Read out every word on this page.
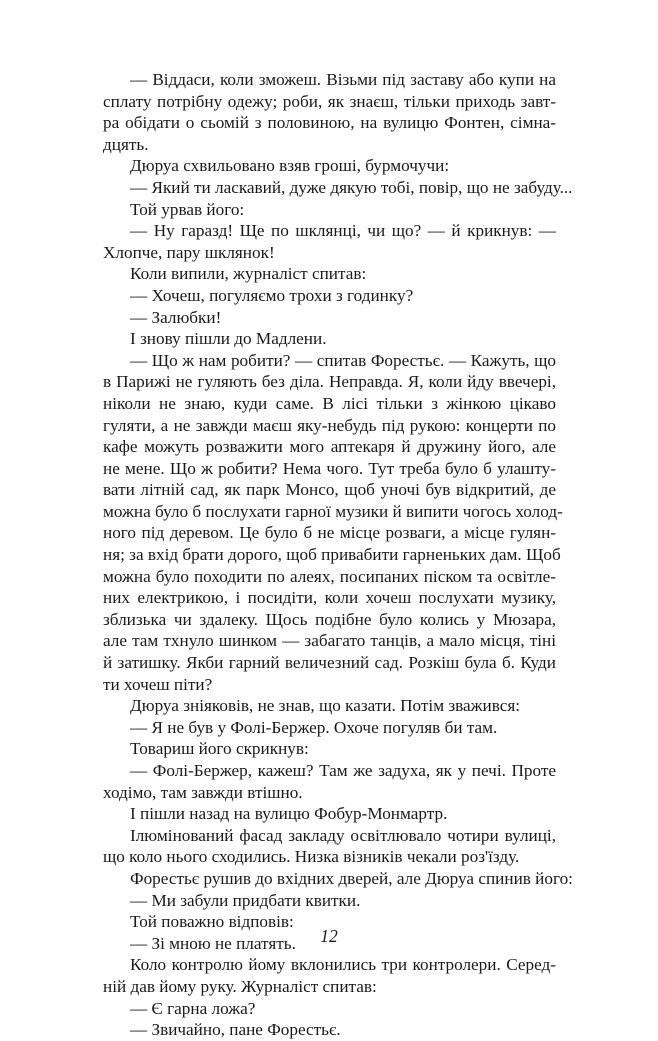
— Віддаси, коли зможеш. Візьми під заставу або купи на
сплату потрібну одежу; роби, як знаєш, тільки приходь завт-
ра обідати о сьомій з половиною, на вулицю Фонтен, сімна-
дцять.
Дюруа схвильовано взяв гроші, бурмочучи:
— Який ти ласкавий, дуже дякую тобі, повір, що не забуду...
Той урвав його:
— Ну гаразд! Ще по шклянці, чи що? — й крикнув: —
Хлопче, пару шклянок!
Коли випили, журналіст спитав:
— Хочеш, погуляємо трохи з годинку?
— Залюбки!
І знову пішли до Мадлени.
— Що ж нам робити? — спитав Форестьє. — Кажуть, що
в Парижі не гуляють без діла. Неправда. Я, коли йду ввечері,
ніколи не знаю, куди саме. В лісі тільки з жінкою цікаво
гуляти, а не завжди маєш яку-небудь під рукою: концерти по
кафе можуть розважити мого аптекаря й дружину його, але
не мене. Що ж робити? Нема чого. Тут треба було б улашту-
вати літній сад, як парк Монсо, щоб уночі був відкритий, де
можна було б послухати гарної музики й випити чогось холод-
ного під деревом. Це було б не місце розваги, а місце гулян-
ня; за вхід брати дорого, щоб привабити гарненьких дам. Щоб
можна було походити по алеях, посипаних піском та освітле-
них електрикою, і посидіти, коли хочеш послухати музику,
зблизька чи здалеку. Щось подібне було колись у Мюзара,
але там тхнуло шинком — забагато танців, а мало місця, тіні
й затишку. Якби гарний величезний сад. Розкіш була б. Куди
ти хочеш піти?
Дюруа зніяковів, не знав, що казати. Потім зважився:
— Я не був у Фолі-Бержер. Охоче погуляв би там.
Товариш його скрикнув:
— Фолі-Бержер, кажеш? Там же задуха, як у печі. Проте
ходімо, там завжди втішно.
І пішли назад на вулицю Фобур-Монмартр.
Ілюмінований фасад закладу освітлювало чотири вулиці,
що коло нього сходились. Низка візників чекали роз'їзду.
Форестьє рушив до вхідних дверей, але Дюруа спинив його:
— Ми забули придбати квитки.
Той поважно відповів:
— Зі мною не платять.
Коло контролю йому вклонились три контролери. Серед-
ній дав йому руку. Журналіст спитав:
— Є гарна ложа?
— Звичайно, пане Форестьє.
12
